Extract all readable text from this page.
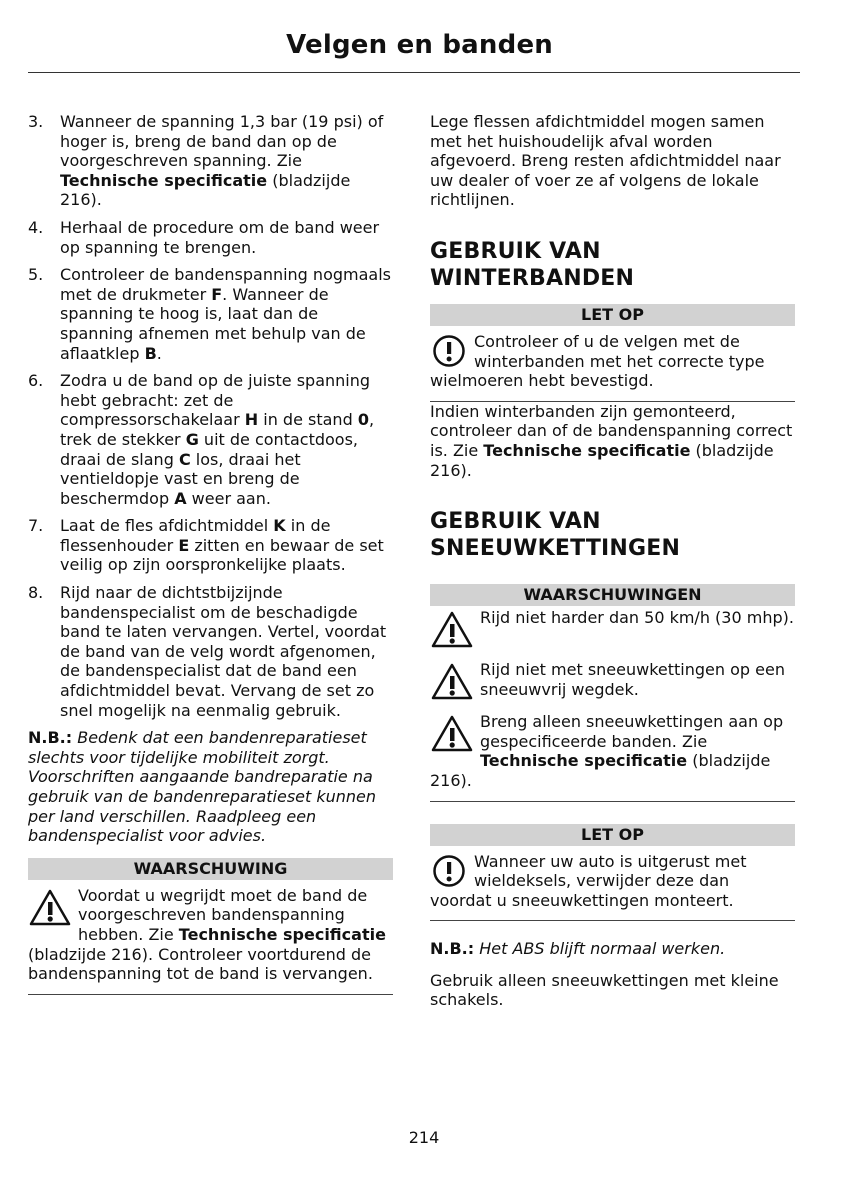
Velgen en banden
3.	Wanneer de spanning 1,3 bar (19 psi) of hoger is, breng de band dan op de voorgeschreven spanning. Zie Technische specificatie (bladzijde 216).
4.	Herhaal de procedure om de band weer op spanning te brengen.
5.	Controleer de bandenspanning nogmaals met de drukmeter F. Wanneer de spanning te hoog is, laat dan de spanning afnemen met behulp van de aflaatklep B.
6.	Zodra u de band op de juiste spanning hebt gebracht: zet de compressorschakelaar H in de stand 0, trek de stekker G uit de contactdoos, draai de slang C los, draai het ventieldopje vast en breng de beschermdop A weer aan.
7.	Laat de fles afdichtmiddel K in de flessenhouder E zitten en bewaar de set veilig op zijn oorspronkelijke plaats.
8.	Rijd naar de dichtstbijzijnde bandenspecialist om de beschadigde band te laten vervangen. Vertel, voordat de band van de velg wordt afgenomen, de bandenspecialist dat de band een afdichtmiddel bevat. Vervang de set zo snel mogelijk na eenmalig gebruik.

N.B.: Bedenk dat een bandenreparatieset slechts voor tijdelijke mobiliteit zorgt. Voorschriften aangaande bandreparatie na gebruik van de bandenreparatieset kunnen per land verschillen. Raadpleeg een bandenspecialist voor advies.

WAARSCHUWING
Voordat u wegrijdt moet de band de voorgeschreven bandenspanning hebben. Zie Technische specificatie (bladzijde 216). Controleer voortdurend de bandenspanning tot de band is vervangen.

Lege flessen afdichtmiddel mogen samen met het huishoudelijk afval worden afgevoerd. Breng resten afdichtmiddel naar uw dealer of voer ze af volgens de lokale richtlijnen.

GEBRUIK VAN WINTERBANDEN
LET OP
Controleer of u de velgen met de winterbanden met het correcte type wielmoeren hebt bevestigd.

Indien winterbanden zijn gemonteerd, controleer dan of de bandenspanning correct is. Zie Technische specificatie (bladzijde 216).

GEBRUIK VAN SNEEUWKETTINGEN
WAARSCHUWINGEN
Rijd niet harder dan 50 km/h (30 mhp).
Rijd niet met sneeuwkettingen op een sneeuwvrij wegdek.
Breng alleen sneeuwkettingen aan op gespecificeerde banden. Zie Technische specificatie (bladzijde 216).
LET OP
Wanneer uw auto is uitgerust met wieldeksels, verwijder deze dan voordat u sneeuwkettingen monteert.

N.B.: Het ABS blijft normaal werken.

Gebruik alleen sneeuwkettingen met kleine schakels.

214
